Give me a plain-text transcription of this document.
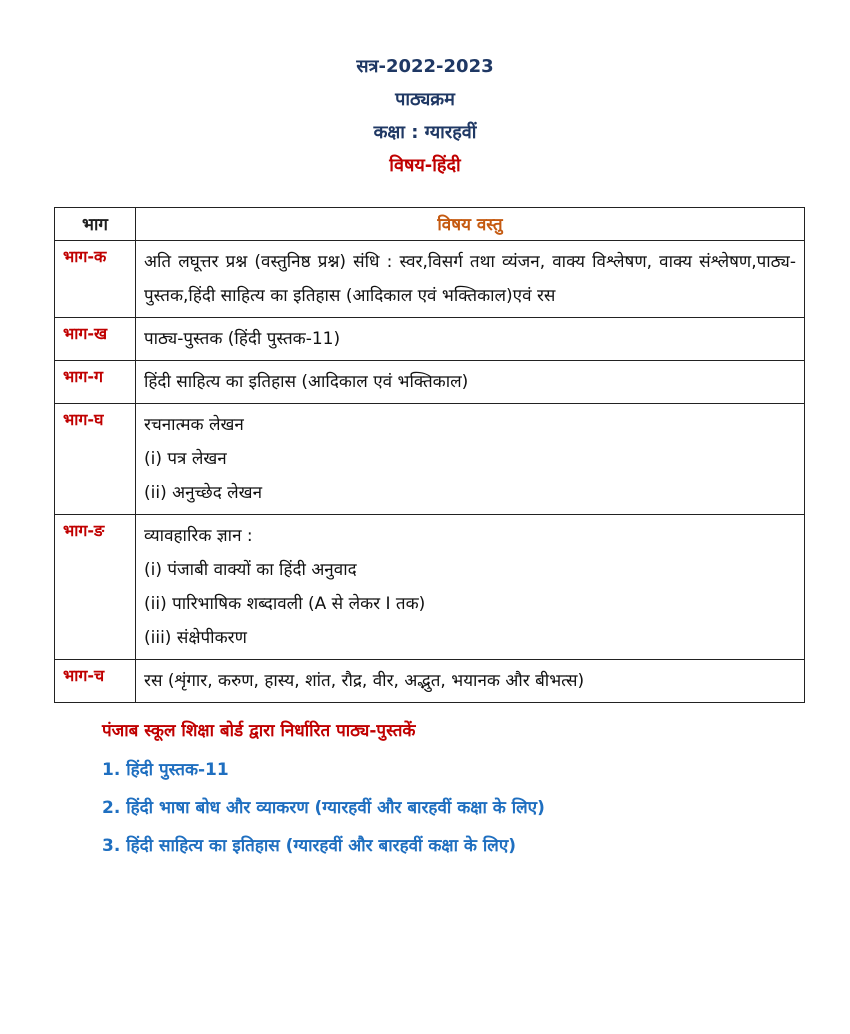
सत्र-2022-2023
पाठ्यक्रम
कक्षा : ग्यारहवीं
विषय-हिंदी
भाग	विषय वस्तु
भाग-क	अति लघूत्तर प्रश्न (वस्तुनिष्ठ प्रश्न) संधि : स्वर,विसर्ग तथा व्यंजन, वाक्य विश्लेषण, वाक्य संश्लेषण,पाठ्य-पुस्तक,हिंदी साहित्य का इतिहास (आदिकाल एवं भक्तिकाल)एवं रस

भाग-ख	पाठ्य-पुस्तक (हिंदी पुस्तक-11)

भाग-ग	हिंदी साहित्य का इतिहास (आदिकाल एवं भक्तिकाल)

भाग-घ	रचनात्मक लेखन
(i) पत्र लेखन
(ii) अनुच्छेद लेखन

भाग-ङ	व्यावहारिक ज्ञान :
(i) पंजाबी वाक्यों का हिंदी अनुवाद
(ii) पारिभाषिक शब्दावली (A से लेकर I तक)
(iii) संक्षेपीकरण

भाग-च	रस (शृंगार, करुण, हास्य, शांत, रौद्र, वीर, अद्भुत, भयानक और बीभत्स)
पंजाब स्कूल शिक्षा बोर्ड द्वारा निर्धारित पाठ्य-पुस्तकें
1. हिंदी पुस्तक-11
2. हिंदी भाषा बोध और व्याकरण (ग्यारहवीं और बारहवीं कक्षा के लिए)
3. हिंदी साहित्य का इतिहास (ग्यारहवीं और बारहवीं कक्षा के लिए)
